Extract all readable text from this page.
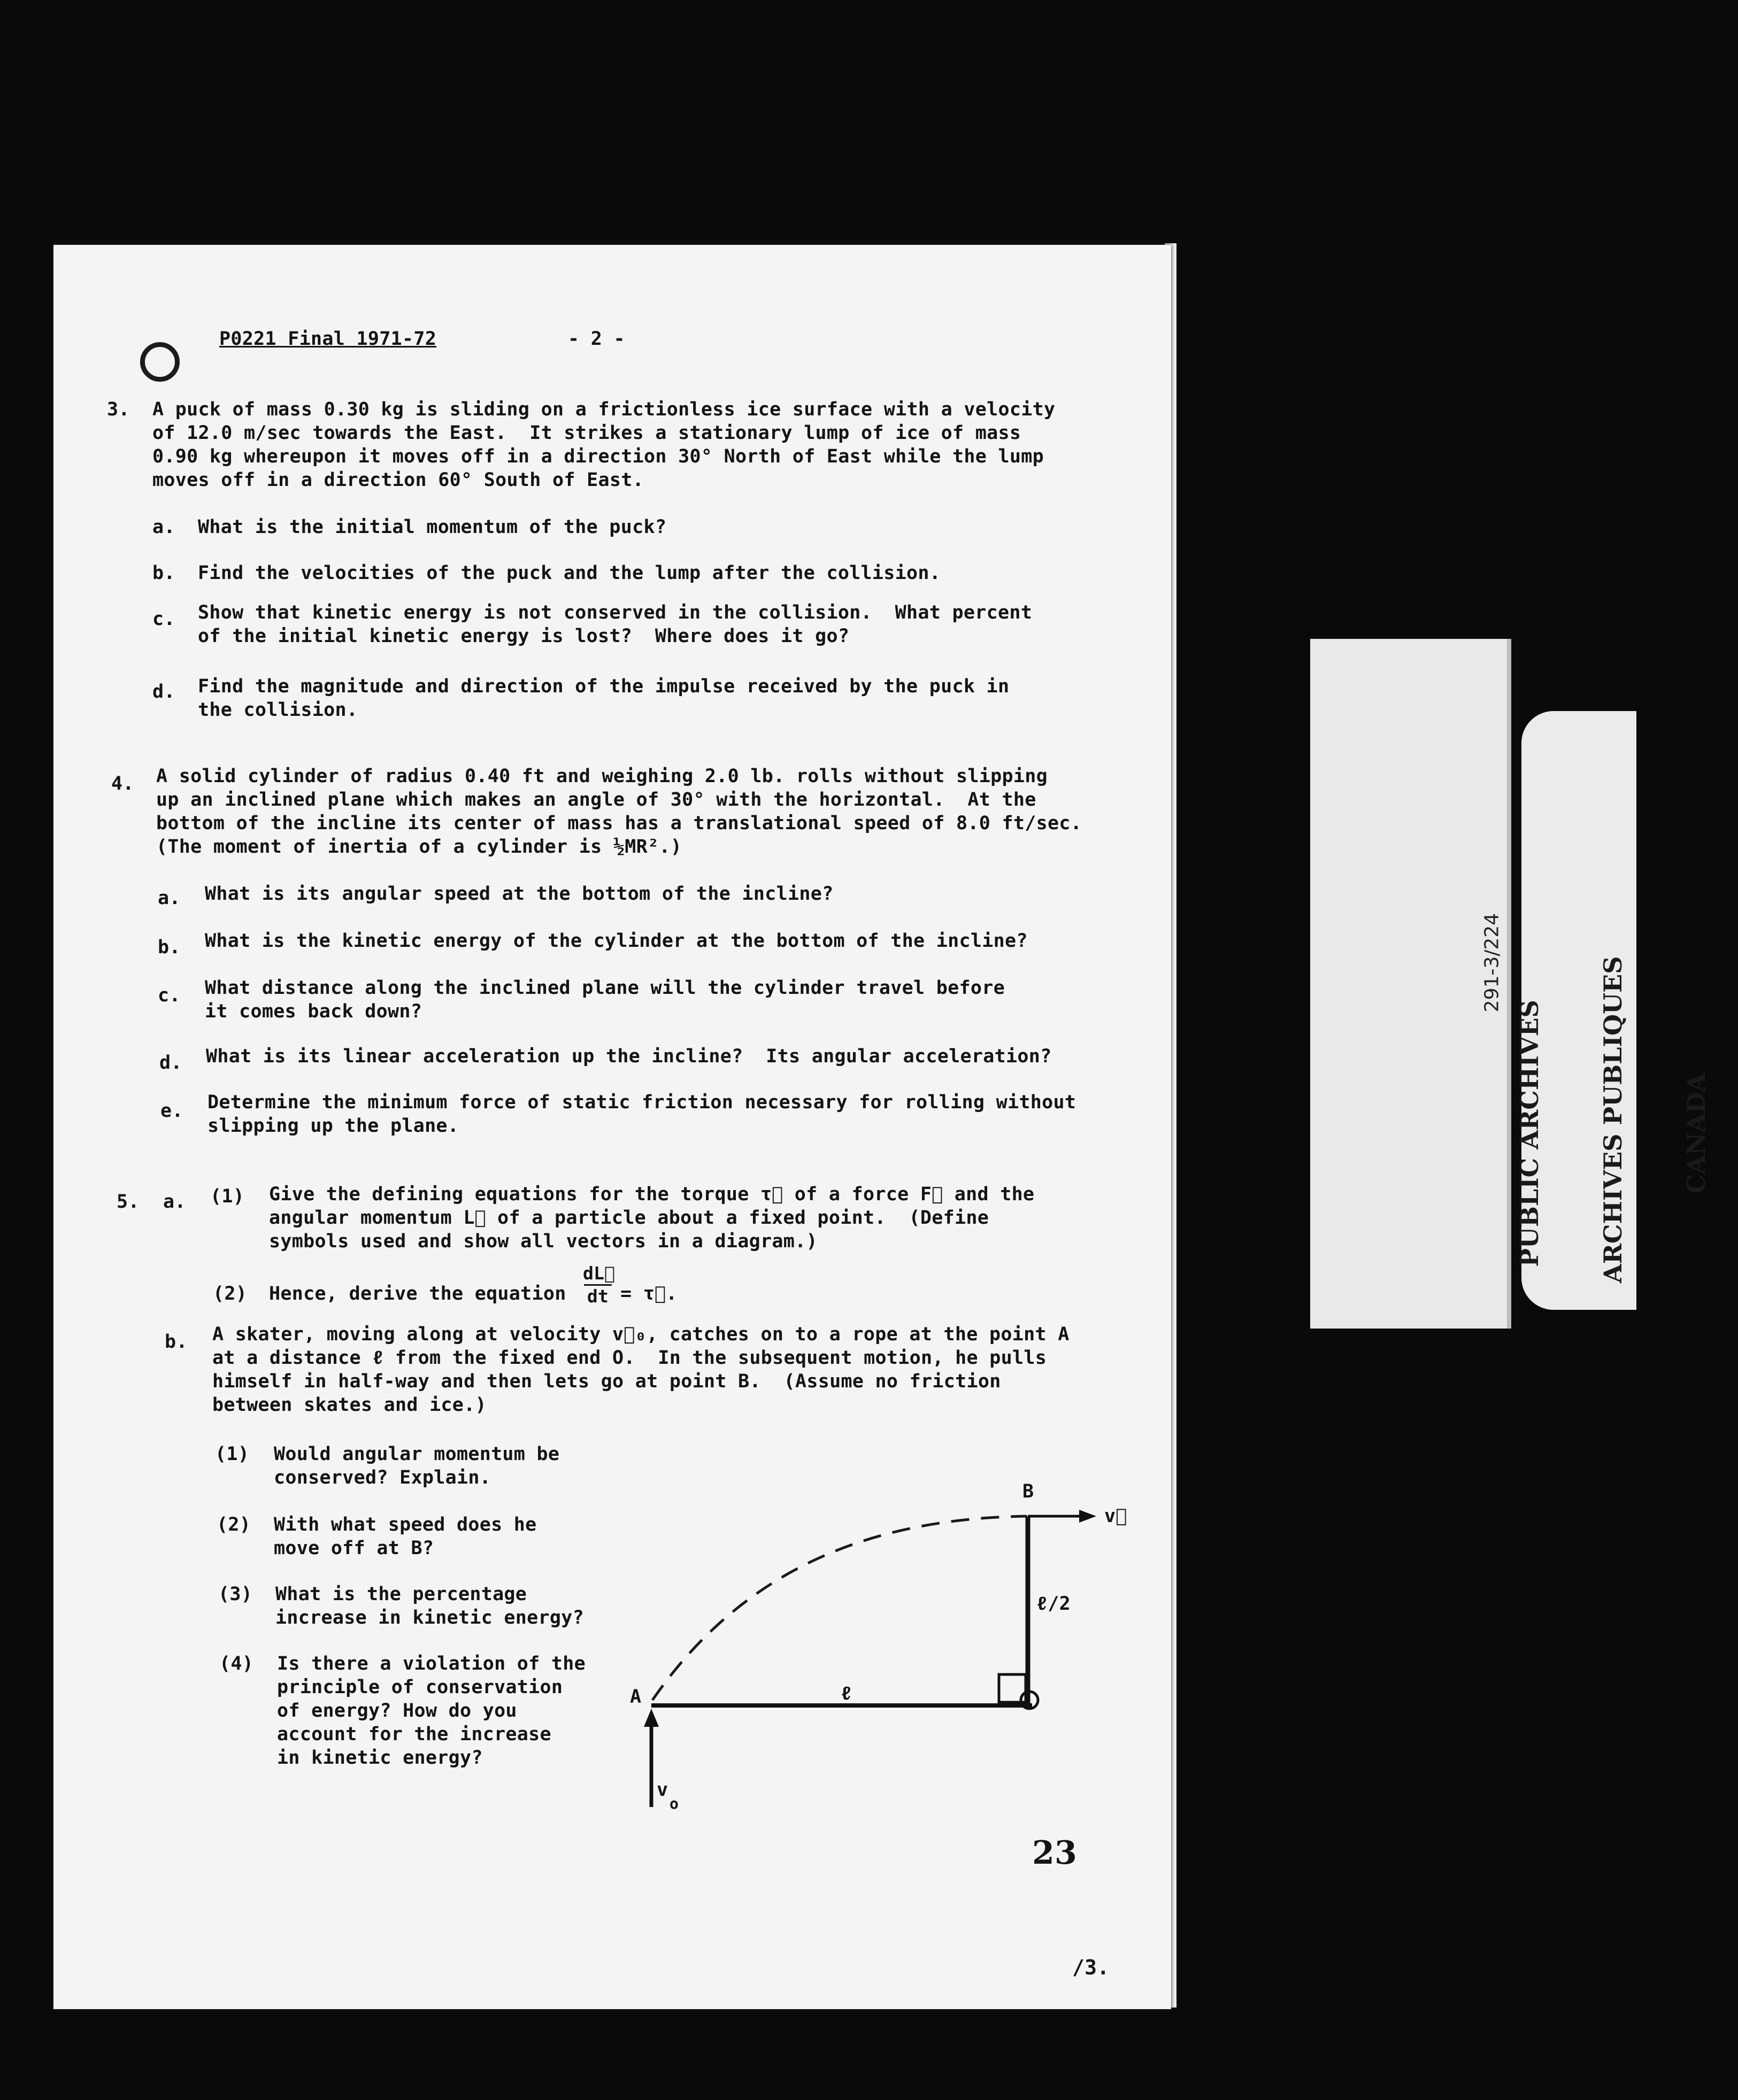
P0221 Final 1971-72	- 2 -

3. A puck of mass 0.30 kg is sliding on a frictionless ice surface with a velocity

of 12.0 m/sec towards the East.  It strikes a stationary lump of ice of mass

0.90 kg whereupon it moves off in a direction 30° North of East while the lump

moves off in a direction 60° South of East.

a. What is the initial momentum of the puck?

b. Find the velocities of the puck and the lump after the collision.

c. Show that kinetic energy is not conserved in the collision.  What percent

of the initial kinetic energy is lost?  Where does it go?

d. Find the magnitude and direction of the impulse received by the puck in

the collision.

4. A solid cylinder of radius 0.40 ft and weighing 2.0 lb. rolls without slipping

up an inclined plane which makes an angle of 30° with the horizontal.  At the

bottom of the incline its center of mass has a translational speed of 8.0 ft/sec.

(The moment of inertia of a cylinder is ½MR².)

a. What is its angular speed at the bottom of the incline?

b. What is the kinetic energy of the cylinder at the bottom of the incline?

c. What distance along the inclined plane will the cylinder travel before

it comes back down?

d. What is its linear acceleration up the incline?  Its angular acceleration?

e. Determine the minimum force of static friction necessary for rolling without

slipping up the plane.

5. a. (1) Give the defining equations for the torque τ⃗ of a force F⃗ and the

angular momentum L⃗ of a particle about a fixed point.  (Define

symbols used and show all vectors in a diagram.)

(2) Hence, derive the equation

dL⃗

dt = τ⃗.

b. A skater, moving along at velocity v⃗₀, catches on to a rope at the point A

at a distance ℓ from the fixed end O.  In the subsequent motion, he pulls

himself in half-way and then lets go at point B.  (Assume no friction

between skates and ice.)

(1) Would angular momentum be

conserved? Explain.

(2) With what speed does he

move off at B?

(3) What is the percentage

increase in kinetic energy?

(4) Is there a violation of the

principle of conservation

of energy? How do you

account for the increase

in kinetic energy?

A

B

ℓ

ℓ/2

v⃗

v

o

23

/3.

291-3/224

PUBLIC ARCHIVES

ARCHIVES PUBLIQUES

CANADA
